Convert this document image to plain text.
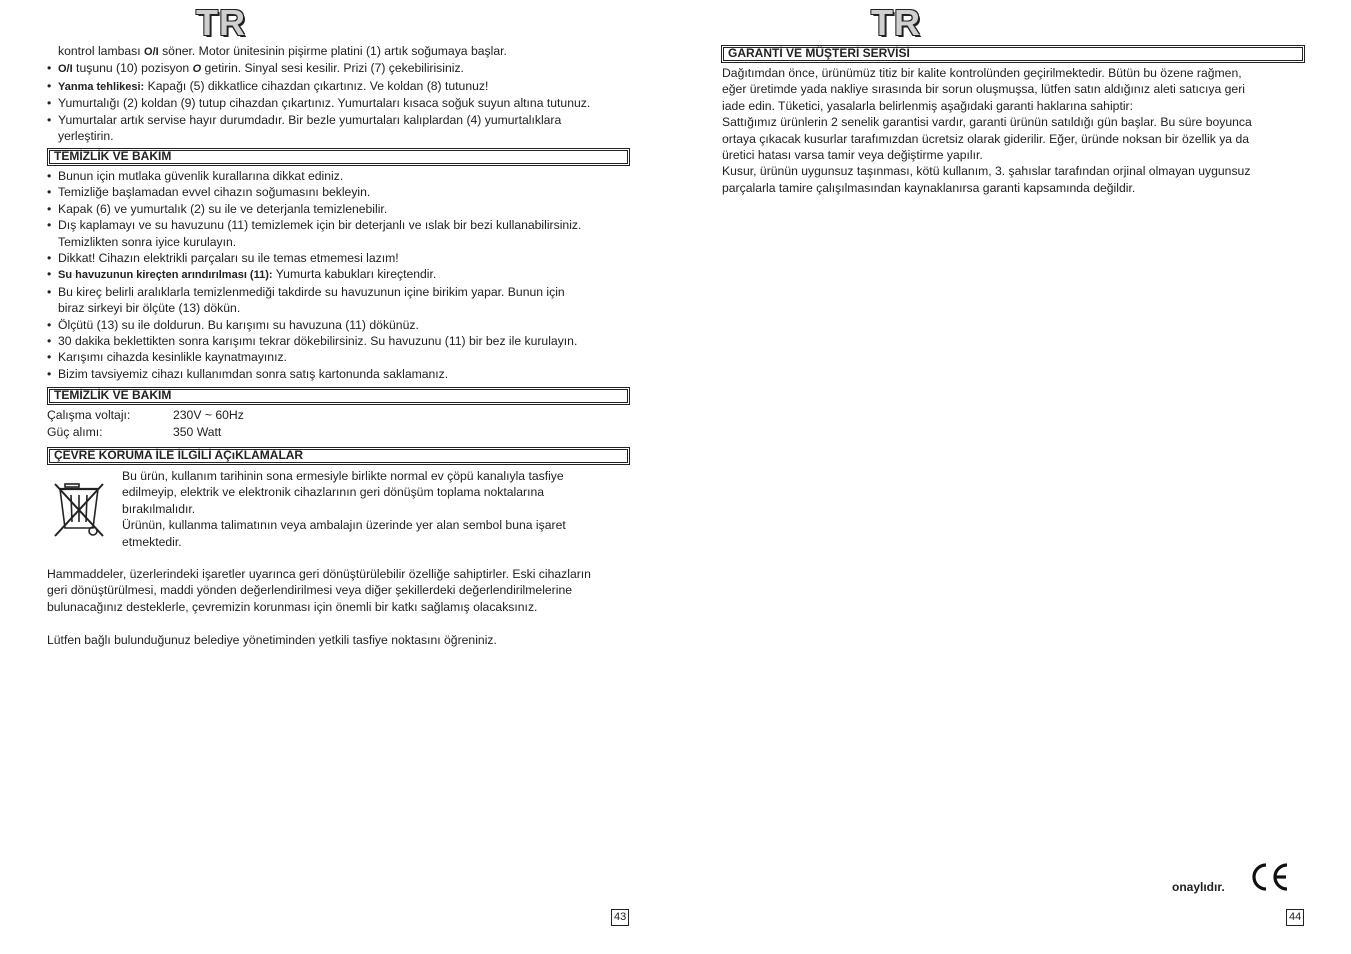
TR
kontrol lambası O/I söner. Motor ünitesinin pişirme platini (1) artık soğumaya başlar.
• O/I tuşunu (10) pozisyon O getirin. Sinyal sesi kesilir. Prizi (7) çekebilirisiniz.
• Yanma tehlikesi: Kapağı (5) dikkatlice cihazdan çıkartınız. Ve koldan (8) tutunuz!
• Yumurtalığı (2) koldan (9) tutup cihazdan çıkartınız. Yumurtaları kısaca soğuk suyun altına tutunuz.
• Yumurtalar artık servise hayır durumdadır. Bir bezle yumurtaları kalıplardan (4) yumurtalıklara
yerleştirin.
TEMİZLİK VE BAKIM
• Bunun için mutlaka güvenlik kurallarına dikkat ediniz.
• Temizliğe başlamadan evvel cihazın soğumasını bekleyin.
• Kapak (6) ve yumurtalık (2) su ile ve deterjanla temizlenebilir.
• Dış kaplamayı ve su havuzunu (11) temizlemek için bir deterjanlı ve ıslak bir bezi kullanabilirsiniz.
Temizlikten sonra iyice kurulayın.
• Dikkat! Cihazın elektrikli parçaları su ile temas etmemesi lazım!
• Su havuzunun kireçten arındırılması (11): Yumurta kabukları kireçtendir.
• Bu kireç belirli aralıklarla temizlenmediği takdirde su havuzunun içine birikim yapar. Bunun için
biraz sirkeyi bir ölçüte (13) dökün.
• Ölçütü (13) su ile doldurun. Bu karışımı su havuzuna (11) dökünüz.
• 30 dakika beklettikten sonra karışımı tekrar dökebilirsiniz. Su havuzunu (11) bir bez ile kurulayın.
• Karışımı cihazda kesinlikle kaynatmayınız.
• Bizim tavsiyemiz cihazı kullanımdan sonra satış kartonunda saklamanız.
TEMİZLİK VE BAKIM
Çalışma voltajı:	230V ~ 60Hz
Güç alımı:	350 Watt
ÇEVRE KORUMA İLE İLGİLİ AÇıKLAMALAR
Bu ürün, kullanım tarihinin sona ermesiyle birlikte normal ev çöpü kanalıyla tasfiye
edilmeyip, elektrik ve elektronik cihazlarının geri dönüşüm toplama noktalarına
bırakılmalıdır.
Ürünün, kullanma talimatının veya ambalajın üzerinde yer alan sembol buna işaret
etmektedir.
Hammaddeler, üzerlerindeki işaretler uyarınca geri dönüştürülebilir özelliğe sahiptirler. Eski cihazların
geri dönüştürülmesi, maddi yönden değerlendirilmesi veya diğer şekillerdeki değerlendirilmelerine
bulunacağınız desteklerle, çevremizin korunması için önemli bir katkı sağlamış olacaksınız.
Lütfen bağlı bulunduğunuz belediye yönetiminden yetkili tasfiye noktasını öğreniniz.
43
TR
GARANTİ VE MÜŞTERİ SERVİSİ
Dağıtımdan önce, ürünümüz titiz bir kalite kontrolünden geçirilmektedir. Bütün bu özene rağmen,
eğer üretimde yada nakliye sırasında bir sorun oluşmuşsa, lütfen satın aldığınız aleti satıcıya geri
iade edin. Tüketici, yasalarla belirlenmiş aşağıdaki garanti haklarına sahiptir:
Sattığımız ürünlerin 2 senelik garantisi vardır, garanti ürünün satıldığı gün başlar. Bu süre boyunca
ortaya çıkacak kusurlar tarafımızdan ücretsiz olarak giderilir. Eğer, üründe noksan bir özellik ya da
üretici hatası varsa tamir veya değiştirme yapılır.
Kusur, ürünün uygunsuz taşınması, kötü kullanım, 3. şahıslar tarafından orjinal olmayan uygunsuz
parçalarla tamire çalışılmasından kaynaklanırsa garanti kapsamında değildir.
onaylıdır.
44
